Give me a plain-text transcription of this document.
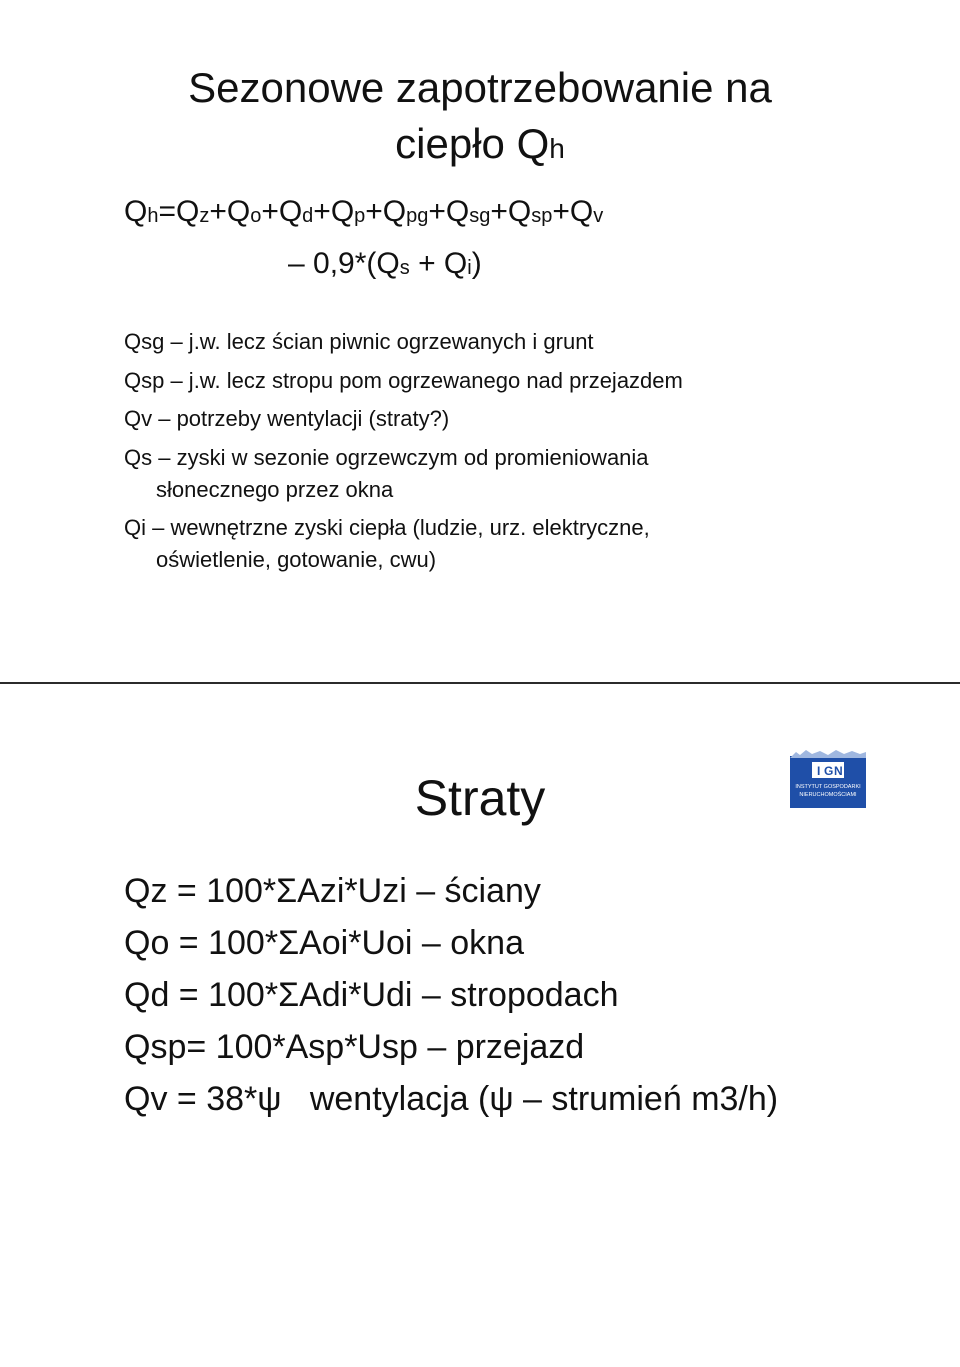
Sezonowe zapotrzebowanie na
ciepło Qh
$Q_h=Q_z+Q_o+Q_d+Q_p+Q_{pg}+Q_{sg}+Q_{sp}+Q_v$
– $0,9*(Q_s + Q_i)$
Qsg – j.w. lecz ścian piwnic ogrzewanych i grunt
Qsp – j.w. lecz stropu pom ogrzewanego nad przejazdem
Qv – potrzeby wentylacji (straty?)
Qs – zyski w sezonie ogrzewczym od promieniowania
słonecznego przez okna
Qi – wewnętrzne zyski ciepła (ludzie, urz. elektryczne,
oświetlenie, gotowanie, cwu)
Straty	I G N
INSTYTUT GOSPODARKI
NIERUCHOMOŚCIAMI
Qz = 100*ΣAzi*Uzi – ściany
Qo = 100*ΣAoi*Uoi – okna
Qd = 100*ΣAdi*Udi – stropodach
Qsp= 100*Asp*Usp – przejazd
Qv = 38*ψ   wentylacja (ψ – strumień m3/h)
